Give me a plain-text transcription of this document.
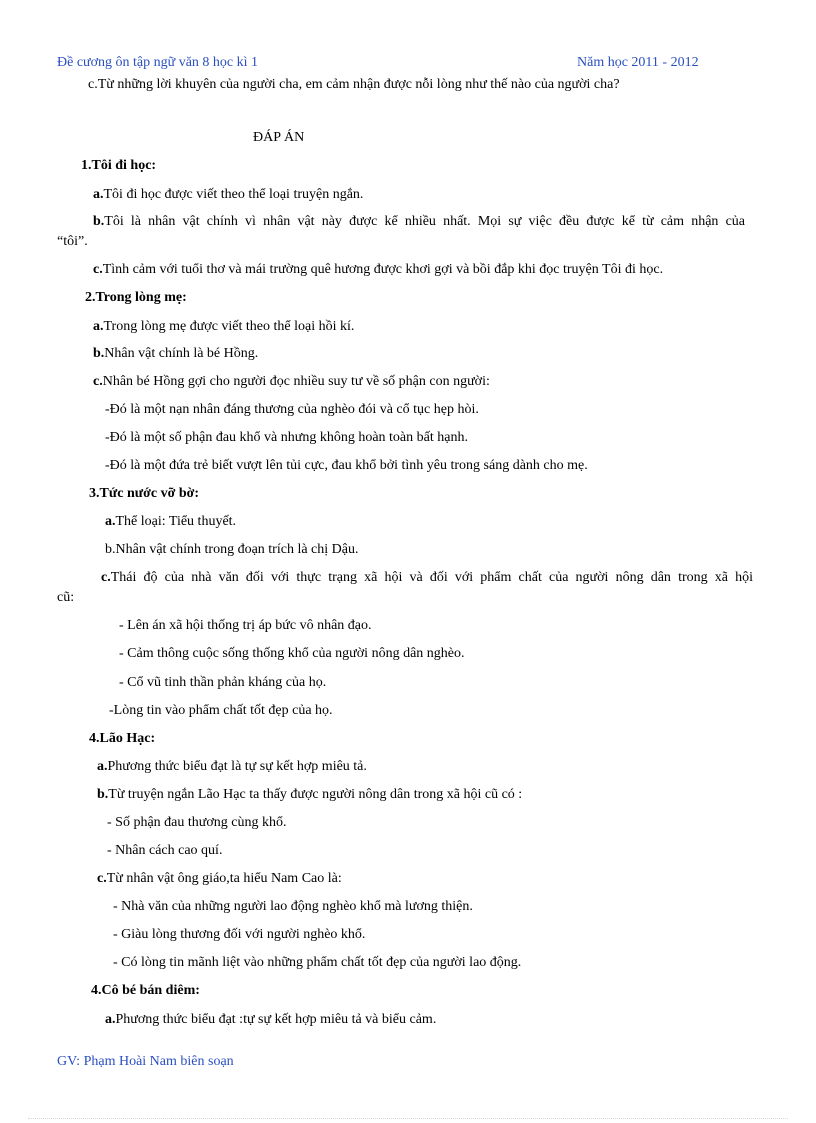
Đề cương ôn tập ngữ văn 8 học kì 1	Năm học 2011 - 2012
c.Từ những lời khuyên của người cha, em cảm nhận được nỗi lòng như thế nào của người cha?
ĐÁP ÁN
1.Tôi đi học:
a.Tôi đi học được viết theo thể loại truyện ngắn.
b.Tôi là nhân vật chính vì nhân vật này được kể nhiều nhất. Mọi sự việc đều được kể từ cảm nhận của
“tôi”.
c.Tình cảm với tuổi thơ và mái trường quê hương được khơi gợi và bồi đắp khi đọc truyện Tôi đi học.
2.Trong lòng mẹ:
a.Trong lòng mẹ được viết theo thể loại hồi kí.
b.Nhân vật chính là bé Hồng.
c.Nhân bé Hồng gợi cho người đọc nhiều suy tư về số phận con người:
-Đó là một nạn nhân đáng thương của nghèo đói và cổ tục hẹp hòi.
-Đó là một số phận đau khổ và nhưng không hoàn toàn bất hạnh.
-Đó là một đứa trẻ biết vượt lên tủi cực, đau khổ bởi tình yêu trong sáng dành cho mẹ.
3.Tức nước vỡ bờ:
a.Thể loại: Tiểu thuyết.
b.Nhân vật chính trong đoạn trích là chị Dậu.
c.Thái độ của nhà văn đối với thực trạng xã hội và đối với phẩm chất của người nông dân trong xã hội
cũ:
- Lên án xã hội thống trị áp bức vô nhân đạo.
- Cảm thông cuộc sống thống khổ của người nông dân nghèo.
- Cổ vũ tinh thần phản kháng của họ.
-Lòng tin vào phẩm chất tốt đẹp của họ.
4.Lão Hạc:
a.Phương thức biểu đạt là tự sự kết hợp miêu tả.
b.Từ truyện ngắn Lão Hạc ta thấy được người nông dân trong xã hội cũ có :
- Số phận đau thương cùng khổ.
- Nhân cách cao quí.
c.Từ nhân vật ông giáo,ta hiểu Nam Cao là:
- Nhà văn của những người lao động nghèo khổ mà lương thiện.
- Giàu lòng thương đối với người nghèo khổ.
- Có lòng tin mãnh liệt vào những phẩm chất tốt đẹp của người lao động.
4.Cô bé bán diêm:
a.Phương thức biểu đạt :tự sự kết hợp miêu tả và biểu cảm.
GV: Phạm Hoài Nam biên soạn
